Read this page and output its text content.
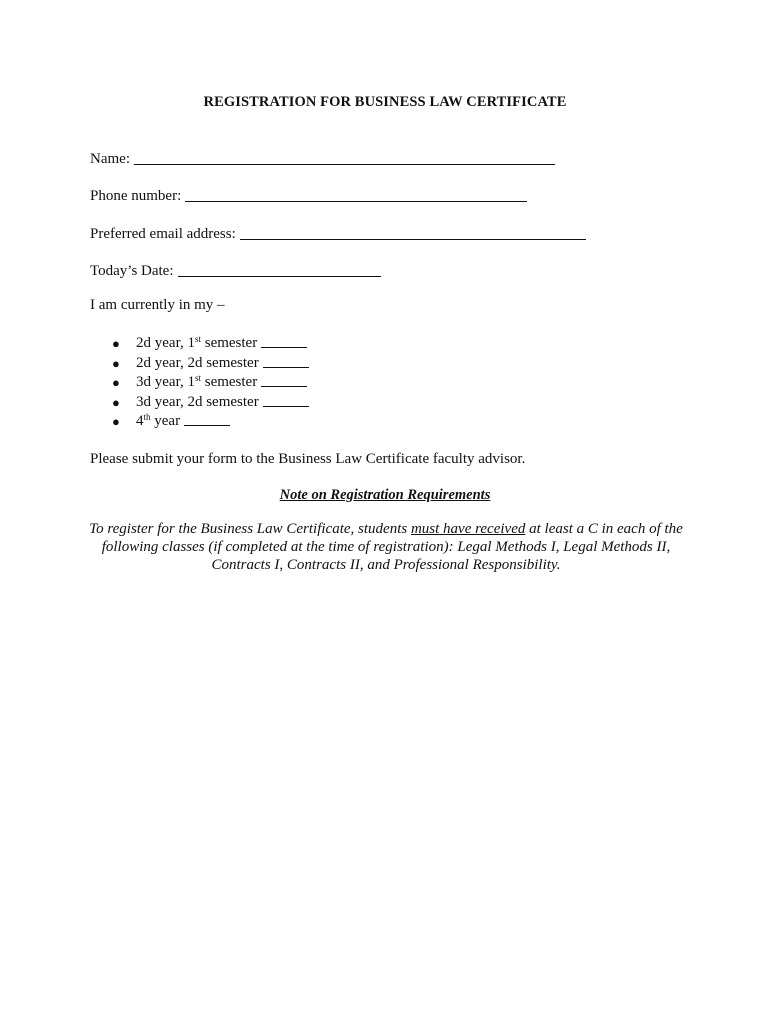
REGISTRATION FOR BUSINESS LAW CERTIFICATE
Name:
Phone number:
Preferred email address:
Today’s Date:
I am currently in my –
● 2d year, 1st semester
● 2d year, 2d semester
● 3d year, 1st semester
● 3d year, 2d semester
● 4th year
Please submit your form to the Business Law Certificate faculty advisor.
Note on Registration Requirements
To register for the Business Law Certificate, students must have received at least a C in each of the following classes (if completed at the time of registration): Legal Methods I, Legal Methods II, Contracts I, Contracts II, and Professional Responsibility.
